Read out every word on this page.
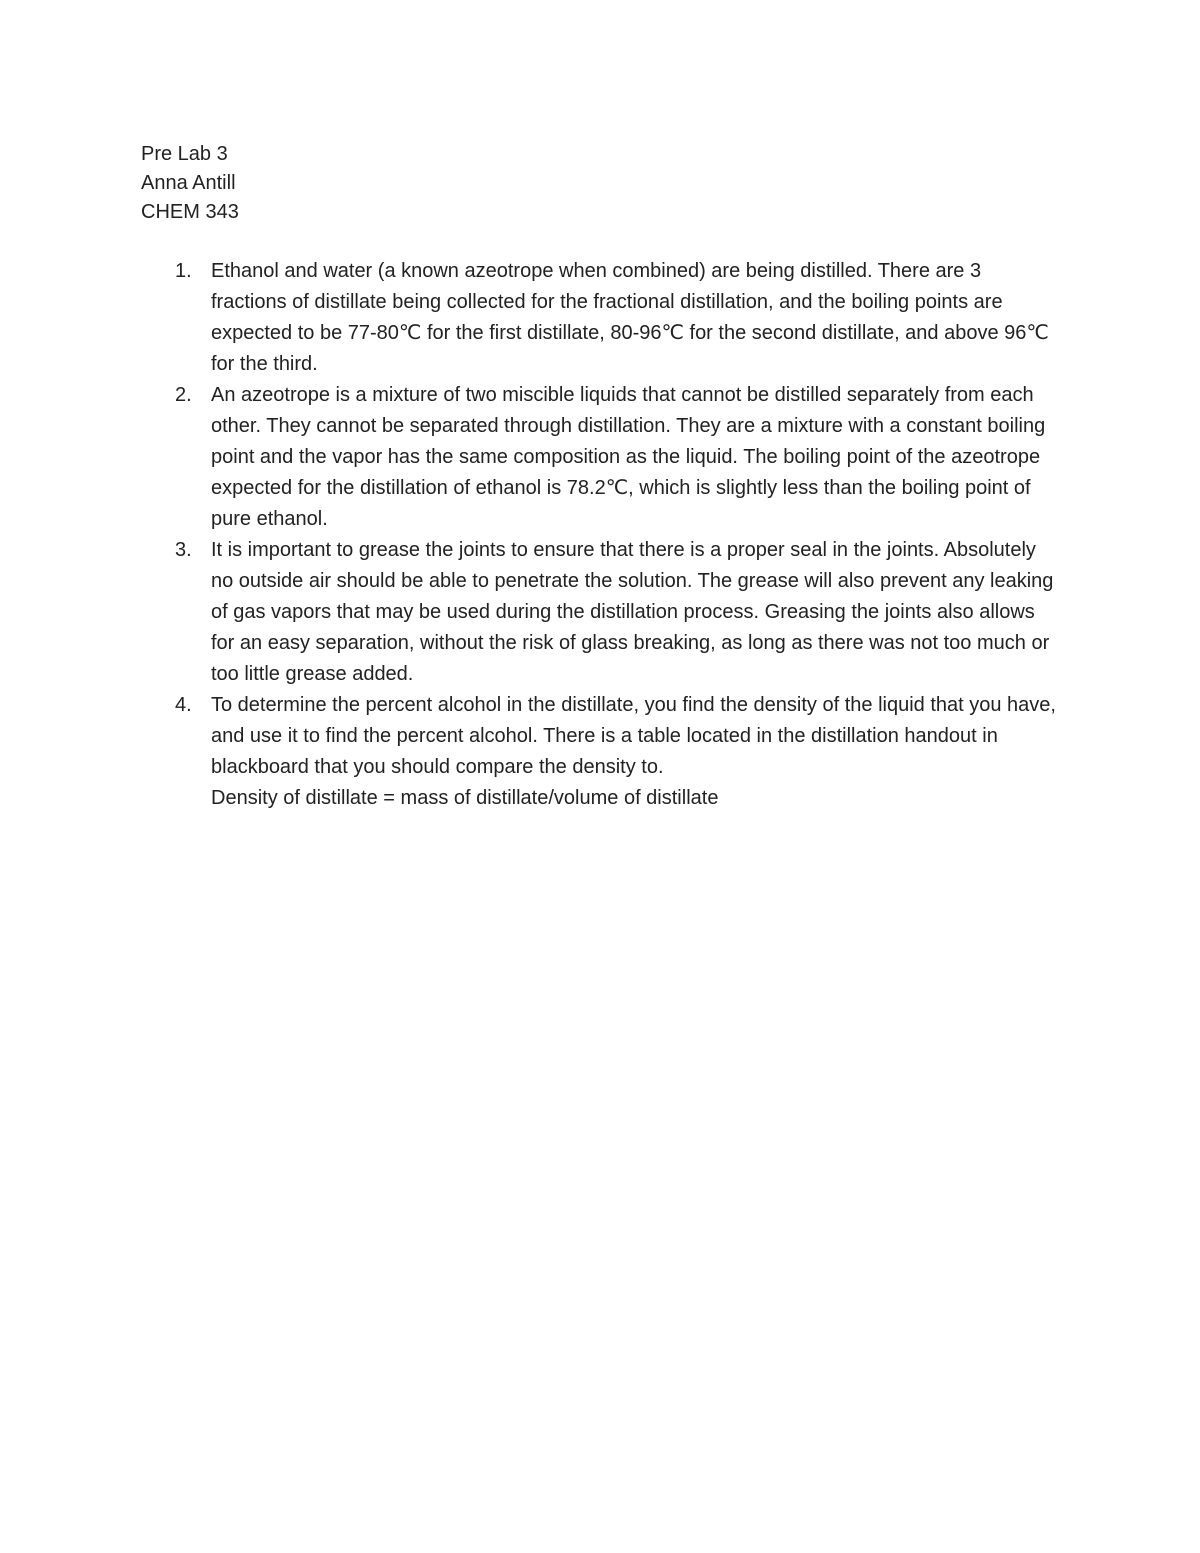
Pre Lab 3
Anna Antill
CHEM 343
1. Ethanol and water (a known azeotrope when combined) are being distilled. There are 3 fractions of distillate being collected for the fractional distillation, and the boiling points are expected to be 77-80℃ for the first distillate, 80-96℃ for the second distillate, and above 96℃ for the third.
2. An azeotrope is a mixture of two miscible liquids that cannot be distilled separately from each other. They cannot be separated through distillation. They are a mixture with a constant boiling point and the vapor has the same composition as the liquid. The boiling point of the azeotrope expected for the distillation of ethanol is 78.2℃, which is slightly less than the boiling point of pure ethanol.
3. It is important to grease the joints to ensure that there is a proper seal in the joints. Absolutely no outside air should be able to penetrate the solution. The grease will also prevent any leaking of gas vapors that may be used during the distillation process. Greasing the joints also allows for an easy separation, without the risk of glass breaking, as long as there was not too much or too little grease added.
4. To determine the percent alcohol in the distillate, you find the density of the liquid that you have, and use it to find the percent alcohol. There is a table located in the distillation handout in blackboard that you should compare the density to.
Density of distillate = mass of distillate/volume of distillate
